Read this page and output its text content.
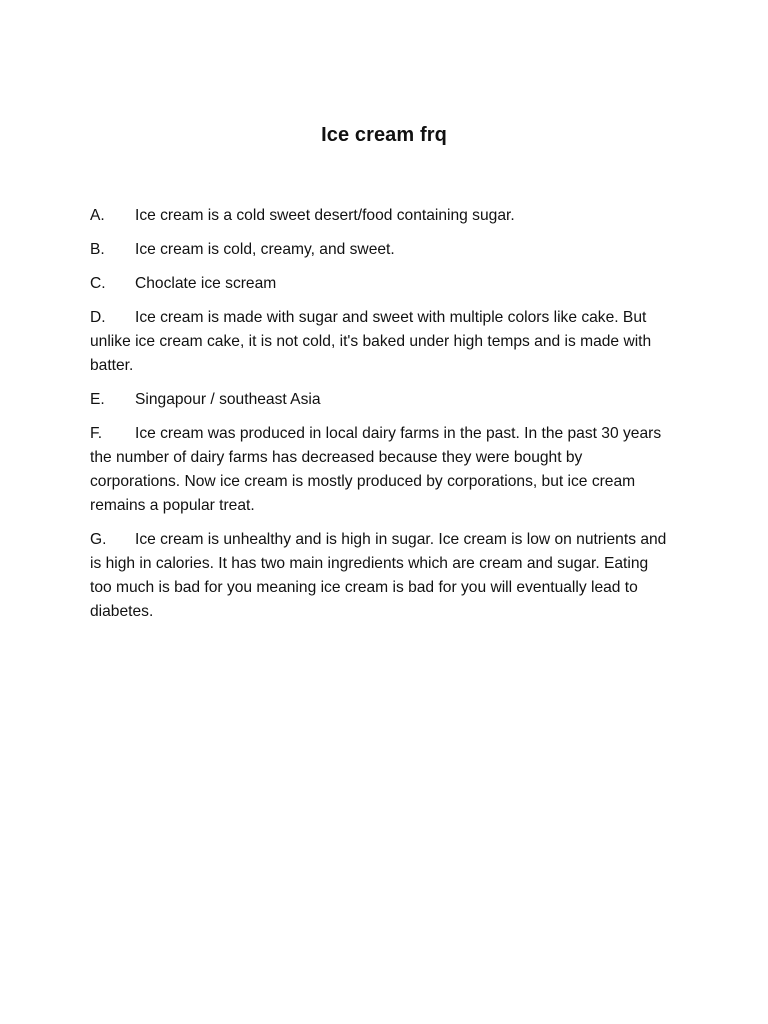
Ice cream frq
A. Ice cream is a cold sweet desert/food containing sugar.
B. Ice cream is cold, creamy, and sweet.
C. Choclate ice scream
D. Ice cream is made with sugar and sweet with multiple colors like cake. But unlike ice cream cake, it is not cold, it's baked under high temps and is made with batter.
E. Singapour / southeast Asia
F. Ice cream was produced in local dairy farms in the past. In the past 30 years the number of dairy farms has decreased because they were bought by corporations. Now ice cream is mostly produced by corporations, but ice cream remains a popular treat.
G. Ice cream is unhealthy and is high in sugar. Ice cream is low on nutrients and is high in calories. It has two main ingredients which are cream and sugar. Eating too much is bad for you meaning ice cream is bad for you will eventually lead to diabetes.
